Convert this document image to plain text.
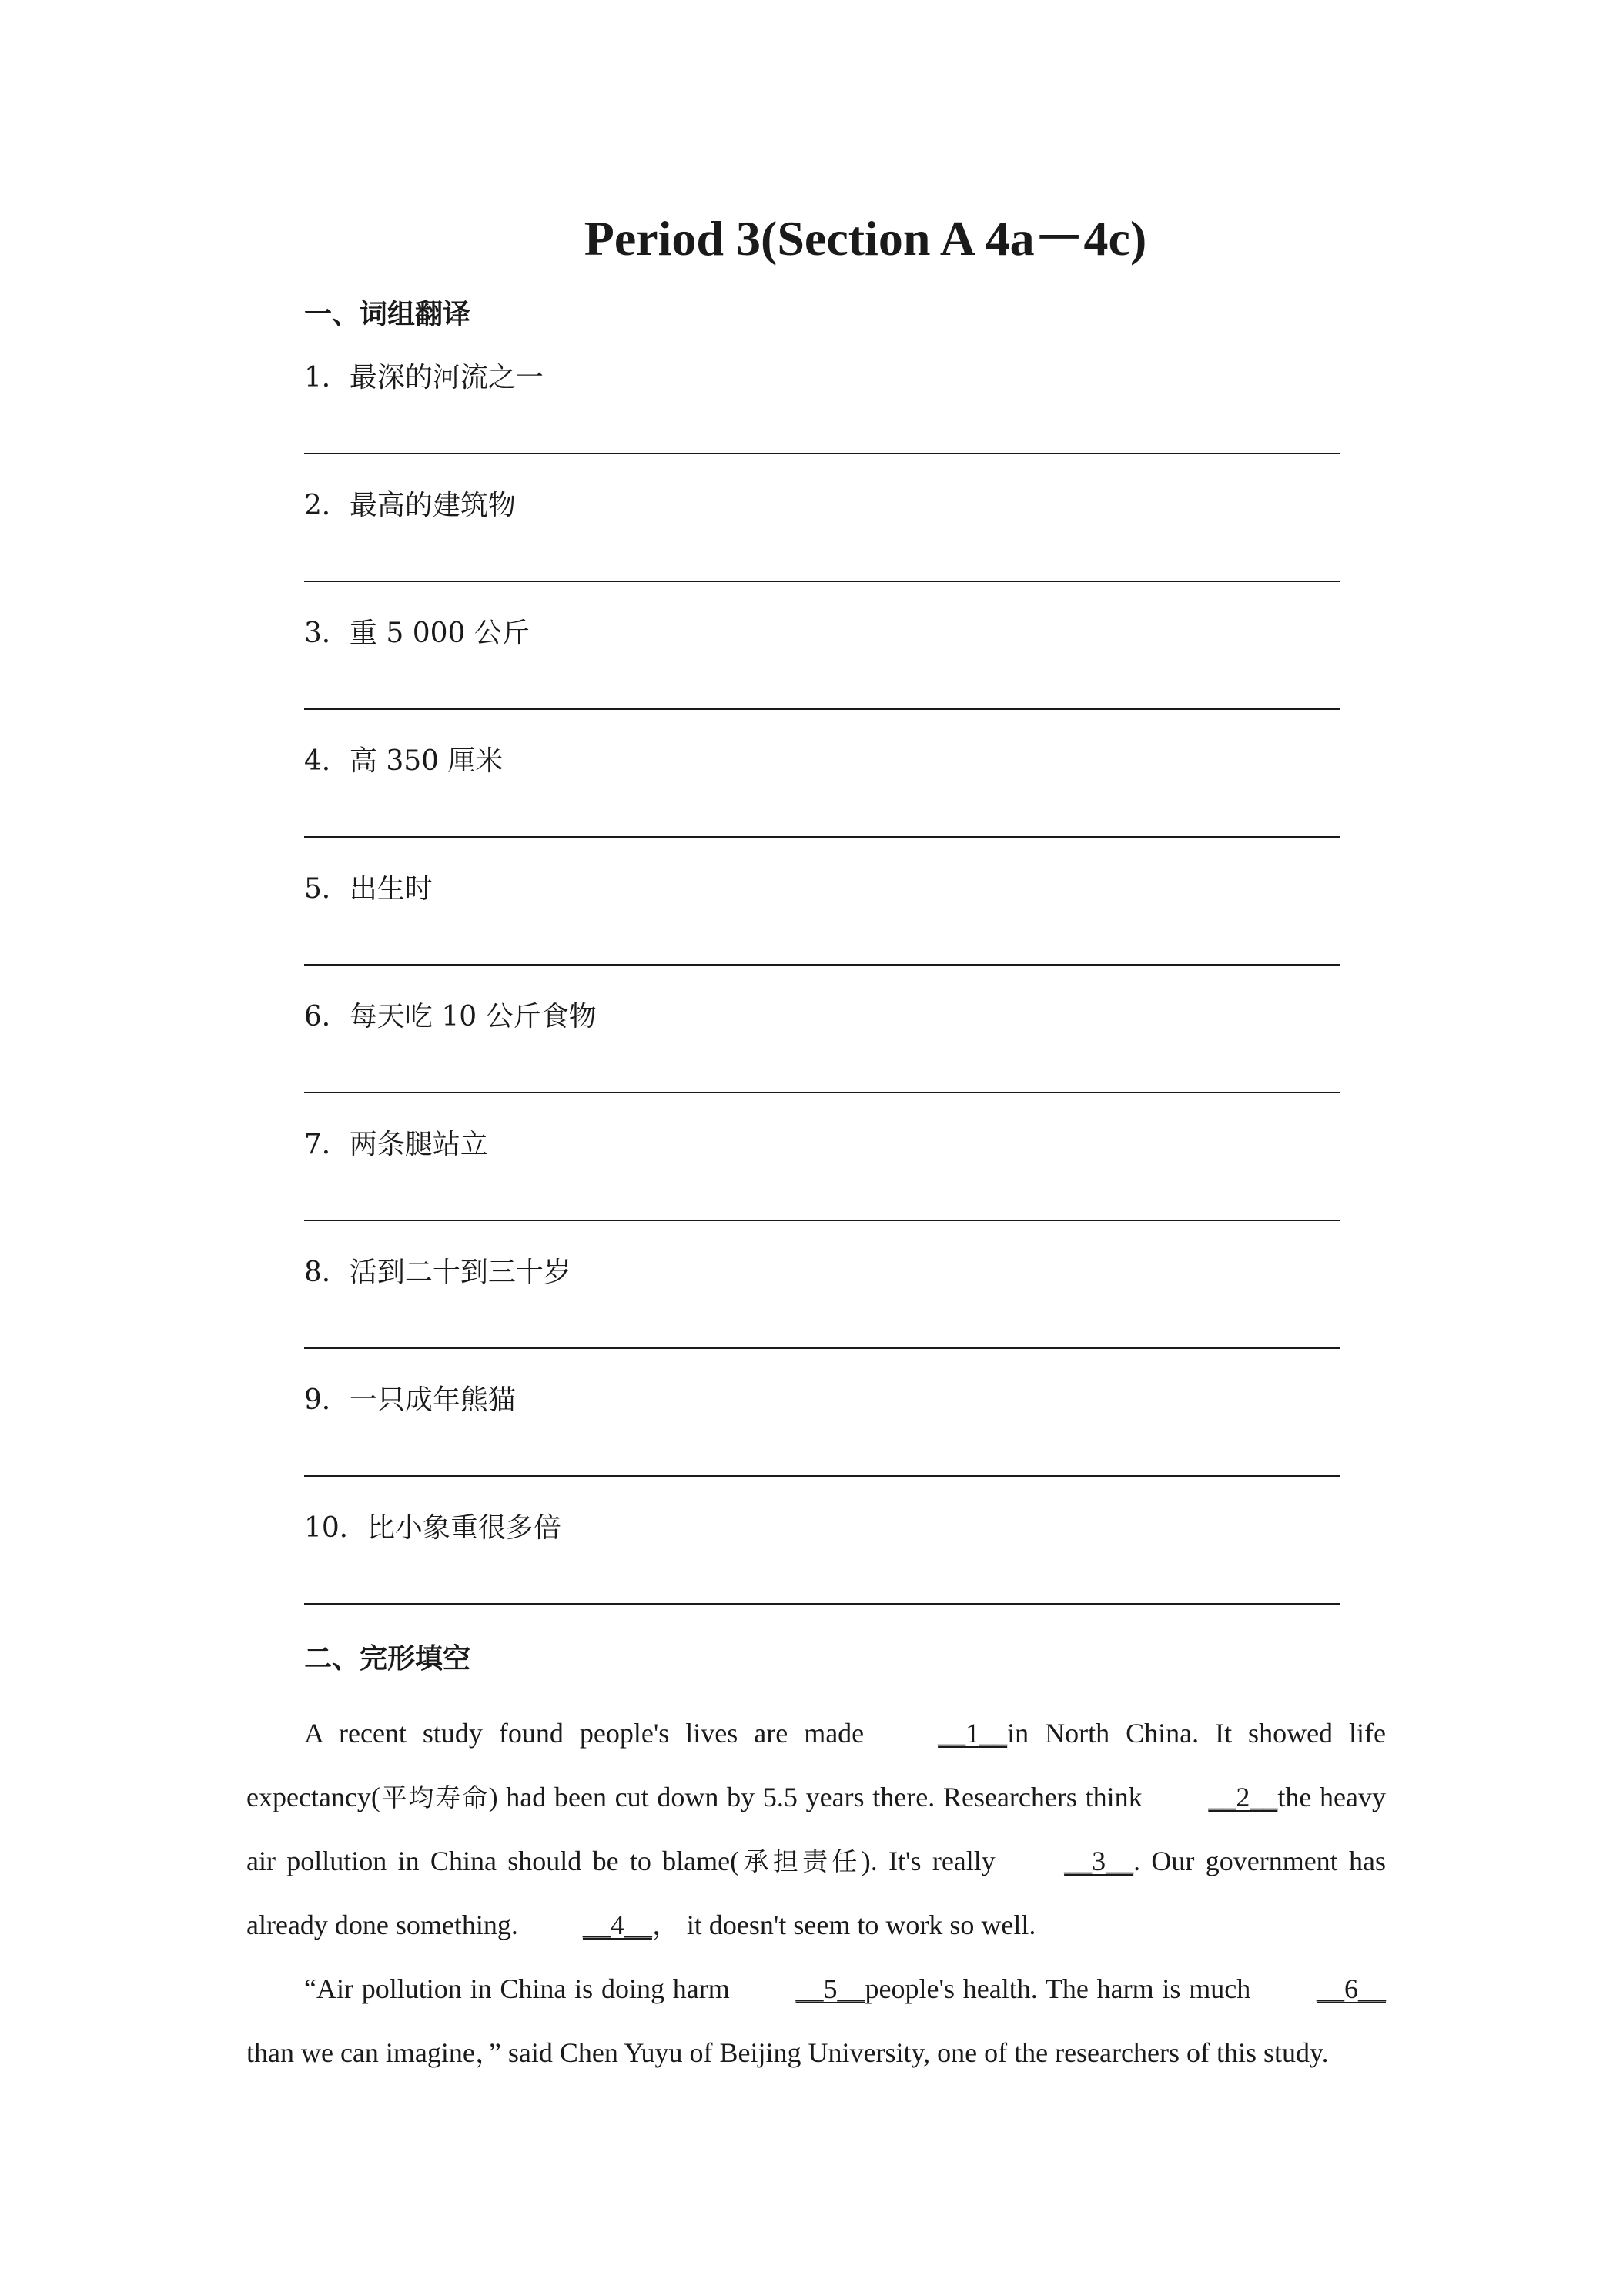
Period 3(Section A 4a－4c)
一、词组翻译
1．最深的河流之一
2．最高的建筑物
3．重 5 000 公斤
4．高 350 厘米
5．出生时
6．每天吃 10 公斤食物
7．两条腿站立
8．活到二十到三十岁
9．一只成年熊猫
10．比小象重很多倍
二、完形填空

A recent study found people's lives are made __1__in North China. It showed life expectancy(平均寿命) had been cut down by 5.5 years there. Researchers think __2__the heavy air pollution in China should be to blame(承担责任). It's really __3__. Our government has already done something. __4__， it doesn't seem to work so well.

“Air pollution in China is doing harm __5__people's health. The harm is much __6__than we can imagine，” said Chen Yuyu of Beijing University, one of the researchers of this study.
